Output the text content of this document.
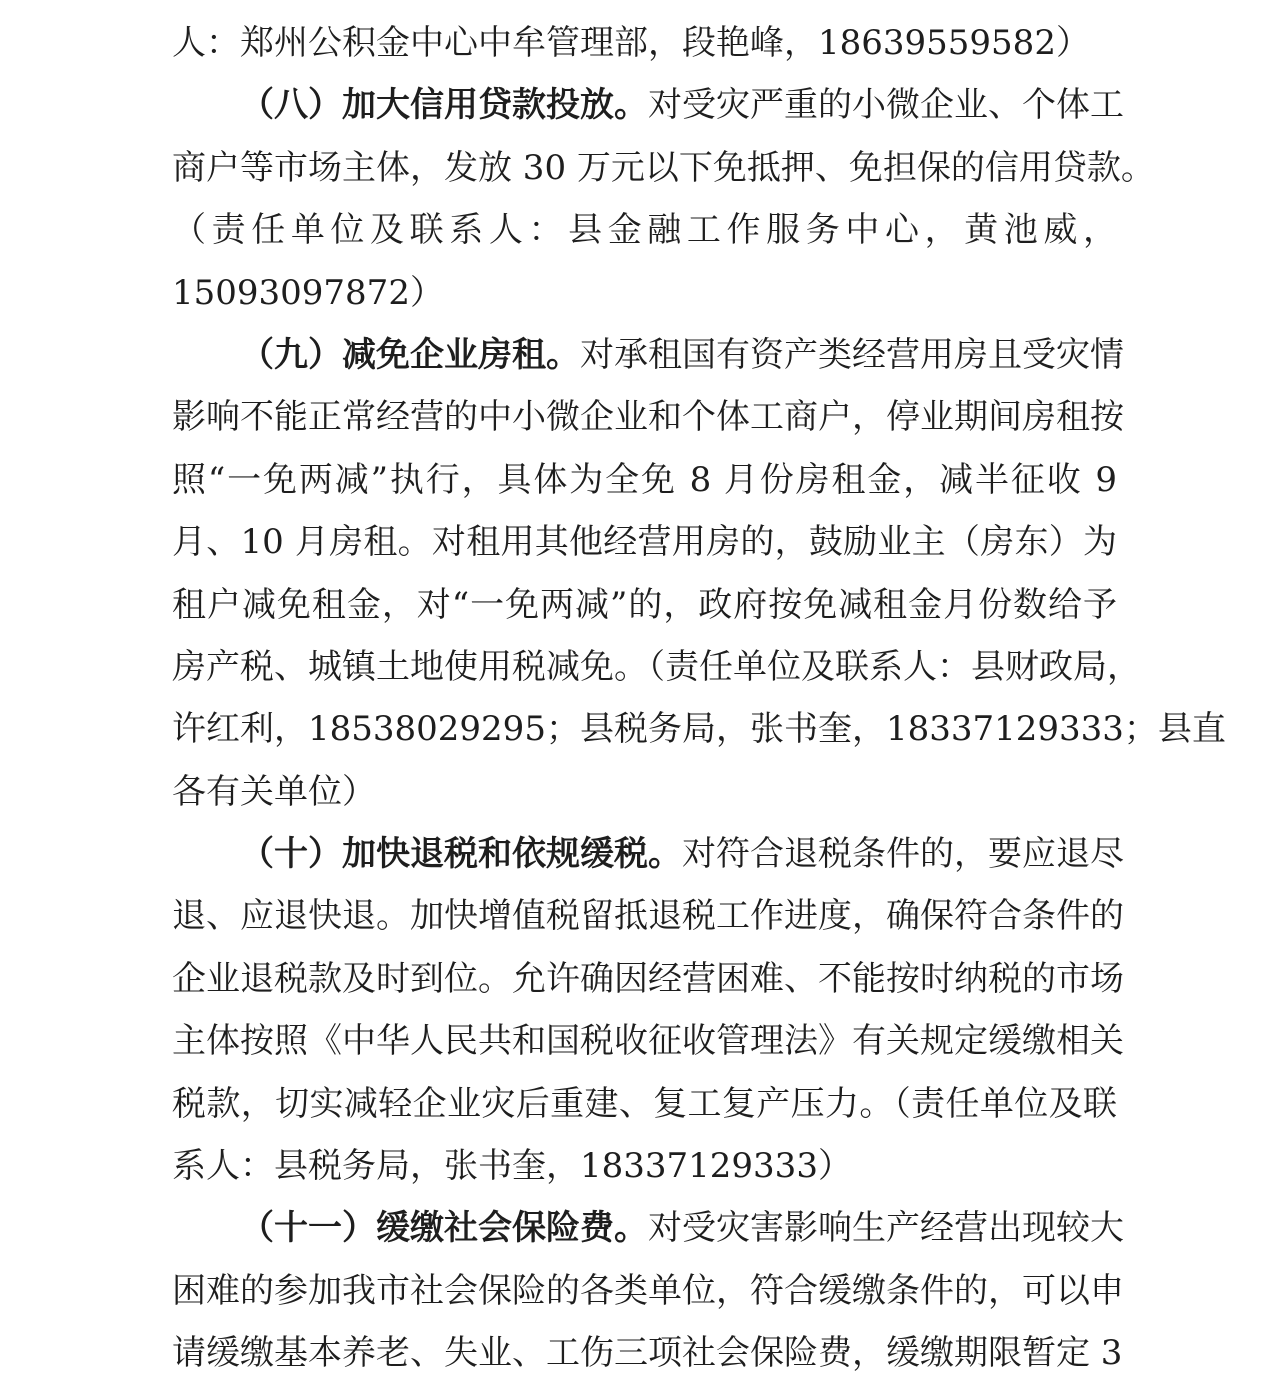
人：郑州公积金中心中牟管理部，段艳峰，18639559582）
（八）加大信用贷款投放。对受灾严重的小微企业、个体工
商户等市场主体，发放 30 万元以下免抵押、免担保的信用贷款。
（责任单位及联系人：县金融工作服务中心，黄池威，
15093097872）
（九）减免企业房租。对承租国有资产类经营用房且受灾情
影响不能正常经营的中小微企业和个体工商户，停业期间房租按
照“一免两减”执行，具体为全免 8 月份房租金，减半征收 9
月、10 月房租。对租用其他经营用房的，鼓励业主（房东）为
租户减免租金，对“一免两减”的，政府按免减租金月份数给予
房产税、城镇土地使用税减免。（责任单位及联系人：县财政局，
许红利，18538029295；县税务局，张书奎，18337129333；县直
各有关单位）
（十）加快退税和依规缓税。对符合退税条件的，要应退尽
退、应退快退。加快增值税留抵退税工作进度，确保符合条件的
企业退税款及时到位。允许确因经营困难、不能按时纳税的市场
主体按照《中华人民共和国税收征收管理法》有关规定缓缴相关
税款，切实减轻企业灾后重建、复工复产压力。（责任单位及联
系人：县税务局，张书奎，18337129333）
（十一）缓缴社会保险费。对受灾害影响生产经营出现较大
困难的参加我市社会保险的各类单位，符合缓缴条件的，可以申
请缓缴基本养老、失业、工伤三项社会保险费，缓缴期限暂定 3
